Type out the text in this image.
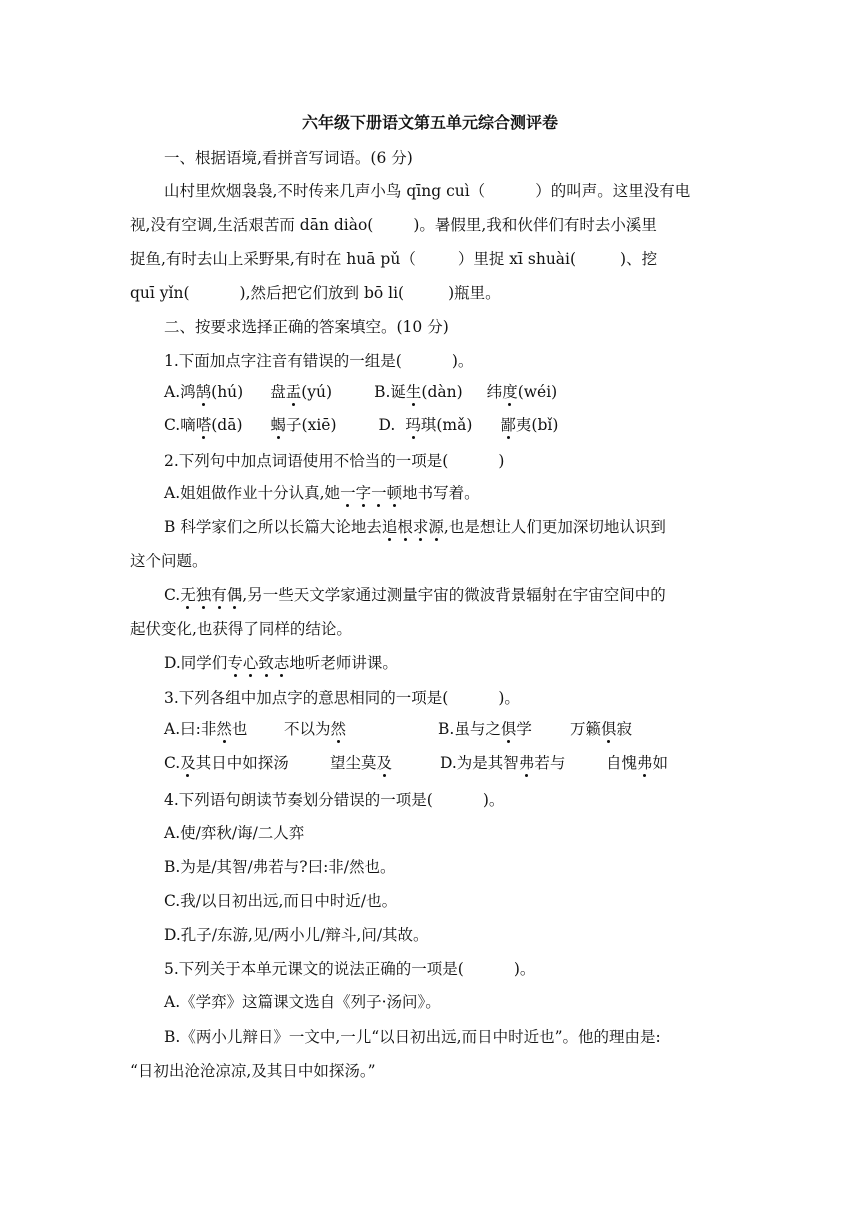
六年级下册语文第五单元综合测评卷
一、根据语境,看拼音写词语。(6 分)
山村里炊烟袅袅,不时传来几声小鸟 qīng cuì（	）的叫声。这里没有电
视,没有空调,生活艰苦而 dān diào(	)。暑假里,我和伙伴们有时去小溪里
捉鱼,有时去山上采野果,有时在 huā pǔ（	）里捉 xī shuài(	)、挖
quī yǐn(	),然后把它们放到 bō li(	)瓶里。
二、按要求选择正确的答案填空。(10 分)
1.下面加点字注音有错误的一组是(	)。
A.鸿鹄(hú) 盘盂(yú)	B.诞生(dàn) 纬度(wéi)
C.嘀嗒(dā) 蝎子(xiē)	D. 玛琪(mǎ) 鄙夷(bǐ)
2.下列句中加点词语使用不恰当的一项是(	)
A.姐姐做作业十分认真,她一字一顿地书写着。
B 科学家们之所以长篇大论地去追根求源,也是想让人们更加深切地认识到
这个问题。
C.无独有偶,另一些天文学家通过测量宇宙的微波背景辐射在宇宙空间中的
起伏变化,也获得了同样的结论。
D.同学们专心致志地听老师讲课。
3.下列各组中加点字的意思相同的一项是(	)。
A.曰:非然也 不以为然	B.虽与之俱学 万籁俱寂
C.及其日中如探汤	望尘莫及	D.为是其智弗若与	自愧弗如
4.下列语句朗读节奏划分错误的一项是(	)。
A.使/弈秋/诲/二人弈
B.为是/其智/弗若与?曰:非/然也。
C.我/以日初出远,而日中时近/也。
D.孔子/东游,见/两小儿/辩斗,问/其故。
5.下列关于本单元课文的说法正确的一项是(	)。
A.《学弈》这篇课文选自《列子·汤问》。
B.《两小儿辩日》一文中,一儿“以日初出远,而日中时近也”。他的理由是:
“日初出沧沧凉凉,及其日中如探汤。”
